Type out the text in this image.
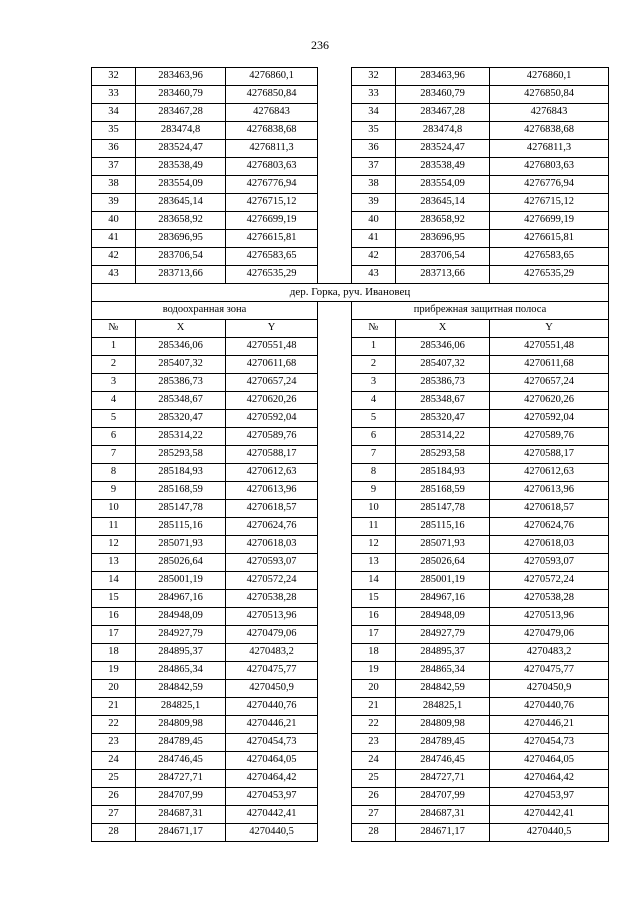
236
32	283463,96	4276860,1		32	283463,96	4276860,1
33	283460,79	4276850,84		33	283460,79	4276850,84
34	283467,28	4276843		34	283467,28	4276843
35	283474,8	4276838,68		35	283474,8	4276838,68
36	283524,47	4276811,3		36	283524,47	4276811,3
37	283538,49	4276803,63		37	283538,49	4276803,63
38	283554,09	4276776,94		38	283554,09	4276776,94
39	283645,14	4276715,12		39	283645,14	4276715,12
40	283658,92	4276699,19		40	283658,92	4276699,19
41	283696,95	4276615,81		41	283696,95	4276615,81
42	283706,54	4276583,65		42	283706,54	4276583,65
43	283713,66	4276535,29		43	283713,66	4276535,29
дер. Горка, руч. Ивановец						
водоохранная зона				прибрежная защитная полоса		
№	X	Y		№	X	Y
1	285346,06	4270551,48		1	285346,06	4270551,48
2	285407,32	4270611,68		2	285407,32	4270611,68
3	285386,73	4270657,24		3	285386,73	4270657,24
4	285348,67	4270620,26		4	285348,67	4270620,26
5	285320,47	4270592,04		5	285320,47	4270592,04
6	285314,22	4270589,76		6	285314,22	4270589,76
7	285293,58	4270588,17		7	285293,58	4270588,17
8	285184,93	4270612,63		8	285184,93	4270612,63
9	285168,59	4270613,96		9	285168,59	4270613,96
10	285147,78	4270618,57		10	285147,78	4270618,57
11	285115,16	4270624,76		11	285115,16	4270624,76
12	285071,93	4270618,03		12	285071,93	4270618,03
13	285026,64	4270593,07		13	285026,64	4270593,07
14	285001,19	4270572,24		14	285001,19	4270572,24
15	284967,16	4270538,28		15	284967,16	4270538,28
16	284948,09	4270513,96		16	284948,09	4270513,96
17	284927,79	4270479,06		17	284927,79	4270479,06
18	284895,37	4270483,2		18	284895,37	4270483,2
19	284865,34	4270475,77		19	284865,34	4270475,77
20	284842,59	4270450,9		20	284842,59	4270450,9
21	284825,1	4270440,76		21	284825,1	4270440,76
22	284809,98	4270446,21		22	284809,98	4270446,21
23	284789,45	4270454,73		23	284789,45	4270454,73
24	284746,45	4270464,05		24	284746,45	4270464,05
25	284727,71	4270464,42		25	284727,71	4270464,42
26	284707,99	4270453,97		26	284707,99	4270453,97
27	284687,31	4270442,41		27	284687,31	4270442,41
28	284671,17	4270440,5		28	284671,17	4270440,5
